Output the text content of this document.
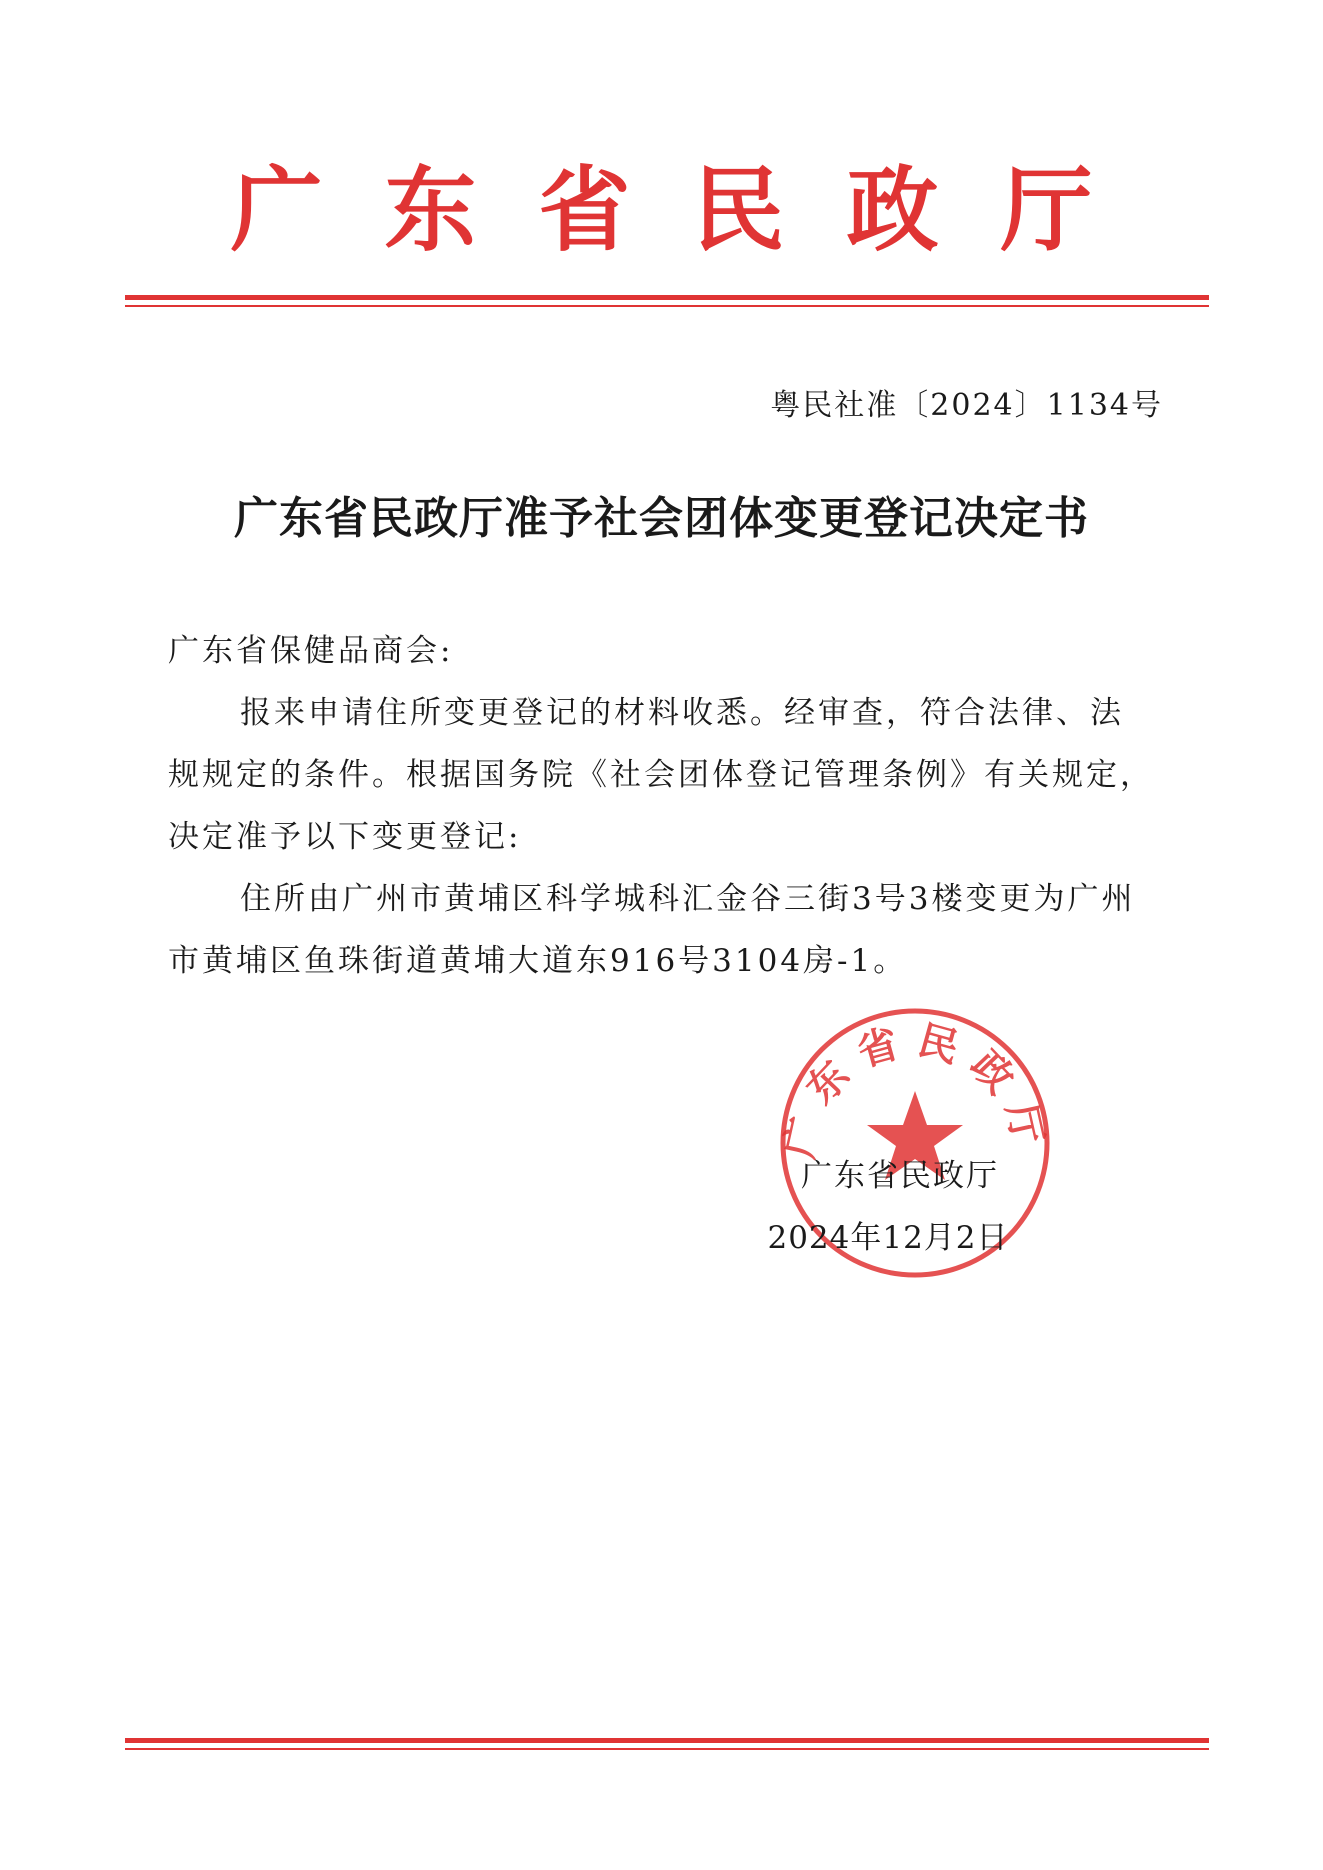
广东省民政厅
粤民社准〔2024〕1134号
广东省民政厅准予社会团体变更登记决定书

广东省保健品商会:

报来申请住所变更登记的材料收悉。经审查，符合法律、法规规定的条件。根据国务院《社会团体登记管理条例》有关规定，决定准予以下变更登记:

住所由广州市黄埔区科学城科汇金谷三街3号3楼变更为广州市黄埔区鱼珠街道黄埔大道东916号3104房-1。

广东省民政厅
广东省民政厅
2024年12月2日
